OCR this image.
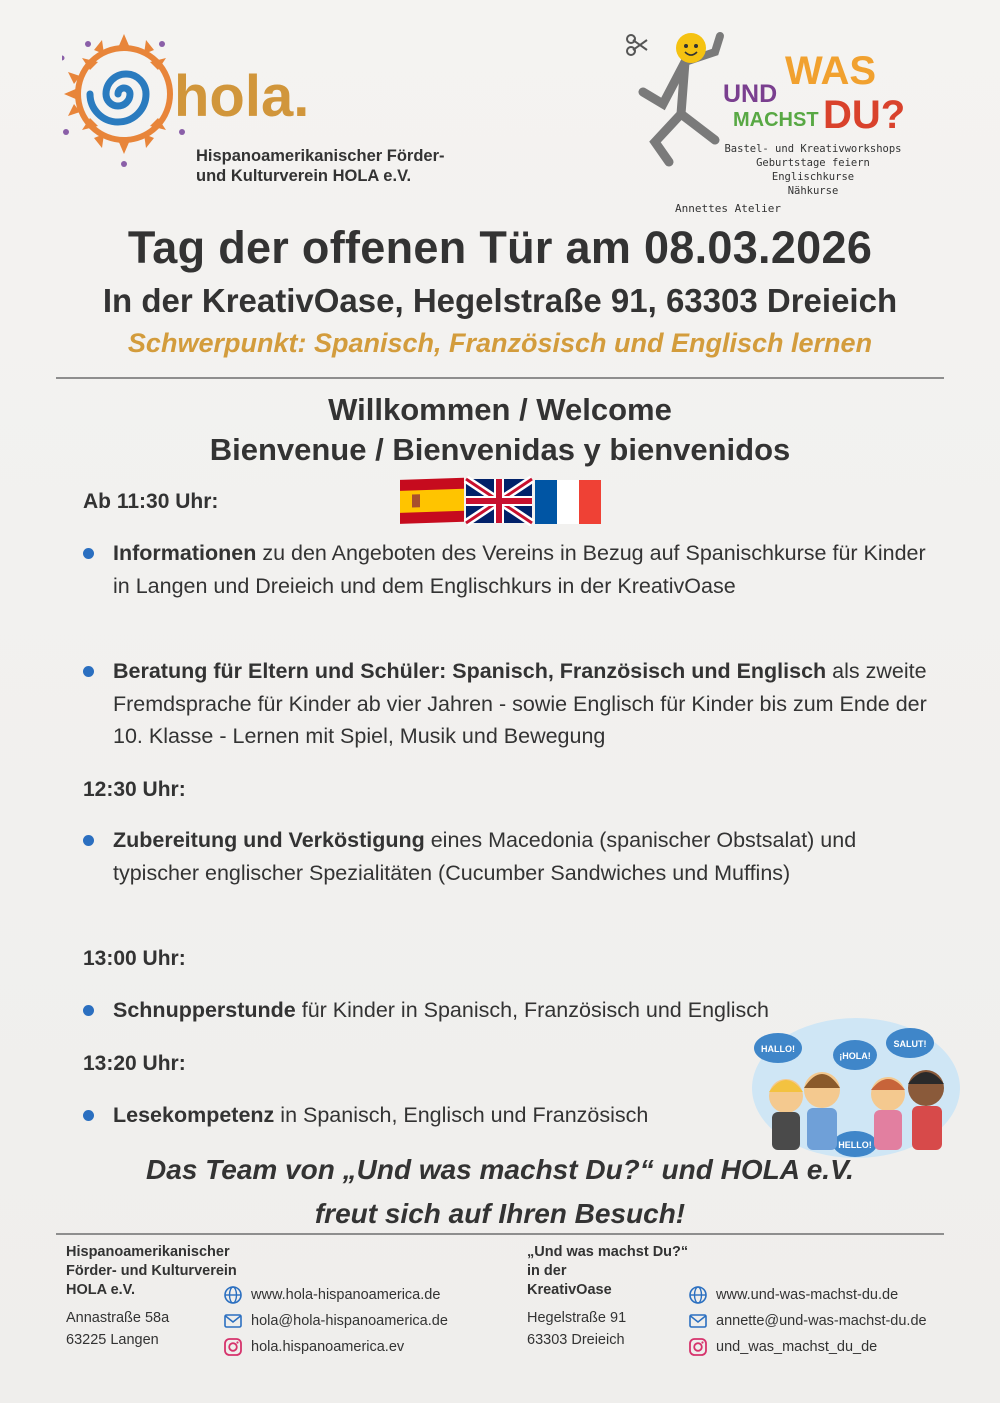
hola.
Hispanoamerikanischer Förder-
und Kulturverein HOLA e.V.
UND
WAS
MACHST DU?
Bastel- und Kreativworkshops
Geburtstage feiern
Englischkurse
Nähkurse
Annettes Atelier
Tag der offenen Tür am 08.03.2026
In der KreativOase, Hegelstraße 91, 63303 Dreieich
Schwerpunkt: Spanisch, Französisch und Englisch lernen
Willkommen / Welcome
Bienvenue / Bienvenidas y bienvenidos
Ab 11:30 Uhr:
Informationen zu den Angeboten des Vereins in Bezug auf Spanischkurse für Kinder in Langen und Dreieich und dem Englischkurs in der KreativOase
Beratung für Eltern und Schüler: Spanisch, Französisch und Englisch als zweite Fremdsprache für Kinder ab vier Jahren - sowie Englisch für Kinder bis zum Ende der 10. Klasse - Lernen mit Spiel, Musik und Bewegung
12:30 Uhr:
Zubereitung und Verköstigung eines Macedonia (spanischer Obstsalat) und typischer englischer Spezialitäten (Cucumber Sandwiches und Muffins)
13:00 Uhr:
Schnupperstunde für Kinder in Spanisch, Französisch und Englisch
13:20 Uhr:
Lesekompetenz in Spanisch, Englisch und Französisch
HALLO!
¡HOLA!
SALUT!
HELLO!
Das Team von „Und was machst Du?“ und HOLA e.V.
freut sich auf Ihren Besuch!
Hispanoamerikanischer
Förder- und Kulturverein
HOLA e.V.
Annastraße 58a
63225 Langen
www.hola-hispanoamerica.de
hola@hola-hispanoamerica.de
hola.hispanoamerica.ev
„Und was machst Du?“
in der
KreativOase
Hegelstraße 91
63303 Dreieich
www.und-was-machst-du.de
annette@und-was-machst-du.de
und_was_machst_du_de
